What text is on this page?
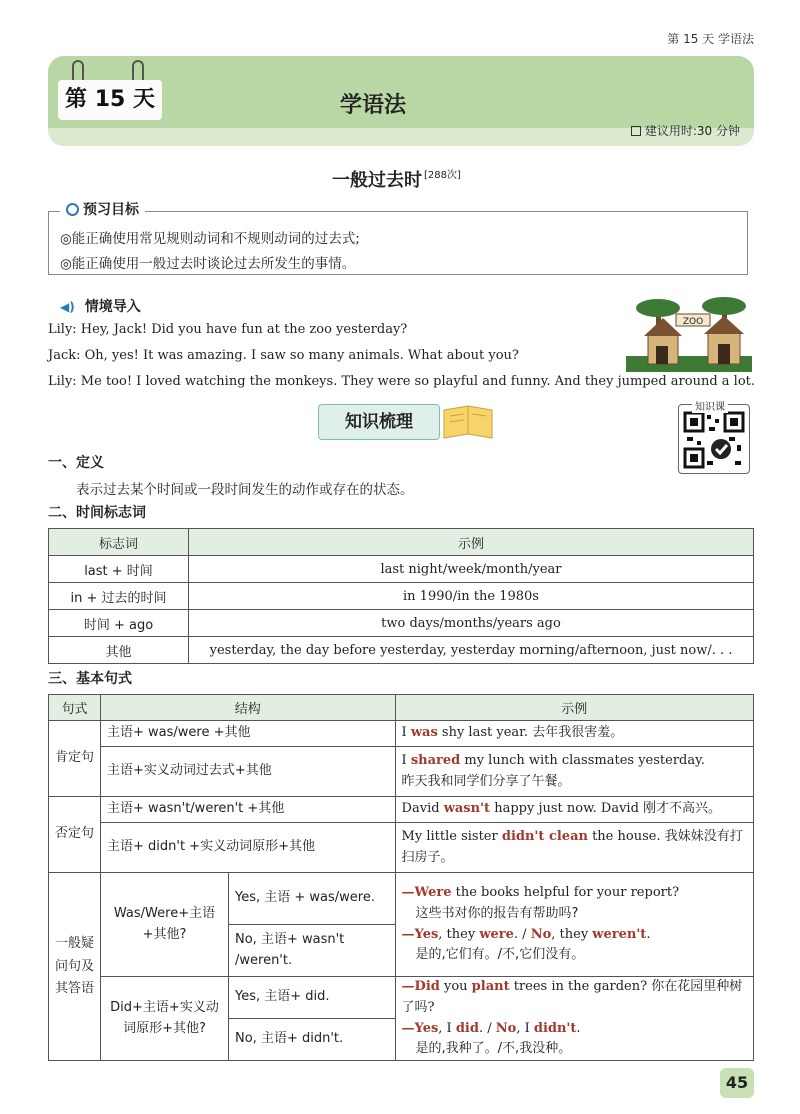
第 15 天 学语法
第 15 天	学语法
建议用时:30 分钟
一般过去时 [288次]
预习目标
◎能正确使用常见规则动词和不规则动词的过去式;
◎能正确使用一般过去时谈论过去所发生的事情。
◀) 情境导入
Lily: Hey, Jack! Did you have fun at the zoo yesterday?
Jack: Oh, yes! It was amazing. I saw so many animals. What about you?
Lily: Me too! I loved watching the monkeys. They were so playful and funny. And they jumped around a lot.
ZOO
知识梳理
知识课
一、定义
表示过去某个时间或一段时间发生的动作或存在的状态。
二、时间标志词
标志词	示例
last + 时间	last night/week/month/year
in + 过去的时间	in 1990/in the 1980s
时间 + ago	two days/months/years ago
其他	yesterday, the day before yesterday, yesterday morning/afternoon, just now/. . .
三、基本句式
句式	结构		示例
肯定句	主语+ was/were +其他		I was shy last year. 去年我很害羞。
	主语+实义动词过去式+其他		I shared my lunch with classmates yesterday.
昨天我和同学们分享了午餐。
否定句	主语+ wasn't/weren't +其他		David wasn't happy just now. David 刚才不高兴。
	主语+ didn't +实义动词原形+其他		My little sister didn't clean the house. 我妹妹没有打扫房子。
一般疑问句及其答语	Was/Were+主语+其他?	Yes, 主语 + was/were.	—Were the books helpful for your report?
这些书对你的报告有帮助吗?
—Yes, they were. / No, they weren't.
是的,它们有。/不,它们没有。
		No, 主语+ wasn't /weren't.	
	Did+主语+实义动词原形+其他?	Yes, 主语+ did.	—Did you plant trees in the garden? 你在花园里种树了吗?
—Yes, I did. / No, I didn't.
是的,我种了。/不,我没种。
		No, 主语+ didn't.	
45
